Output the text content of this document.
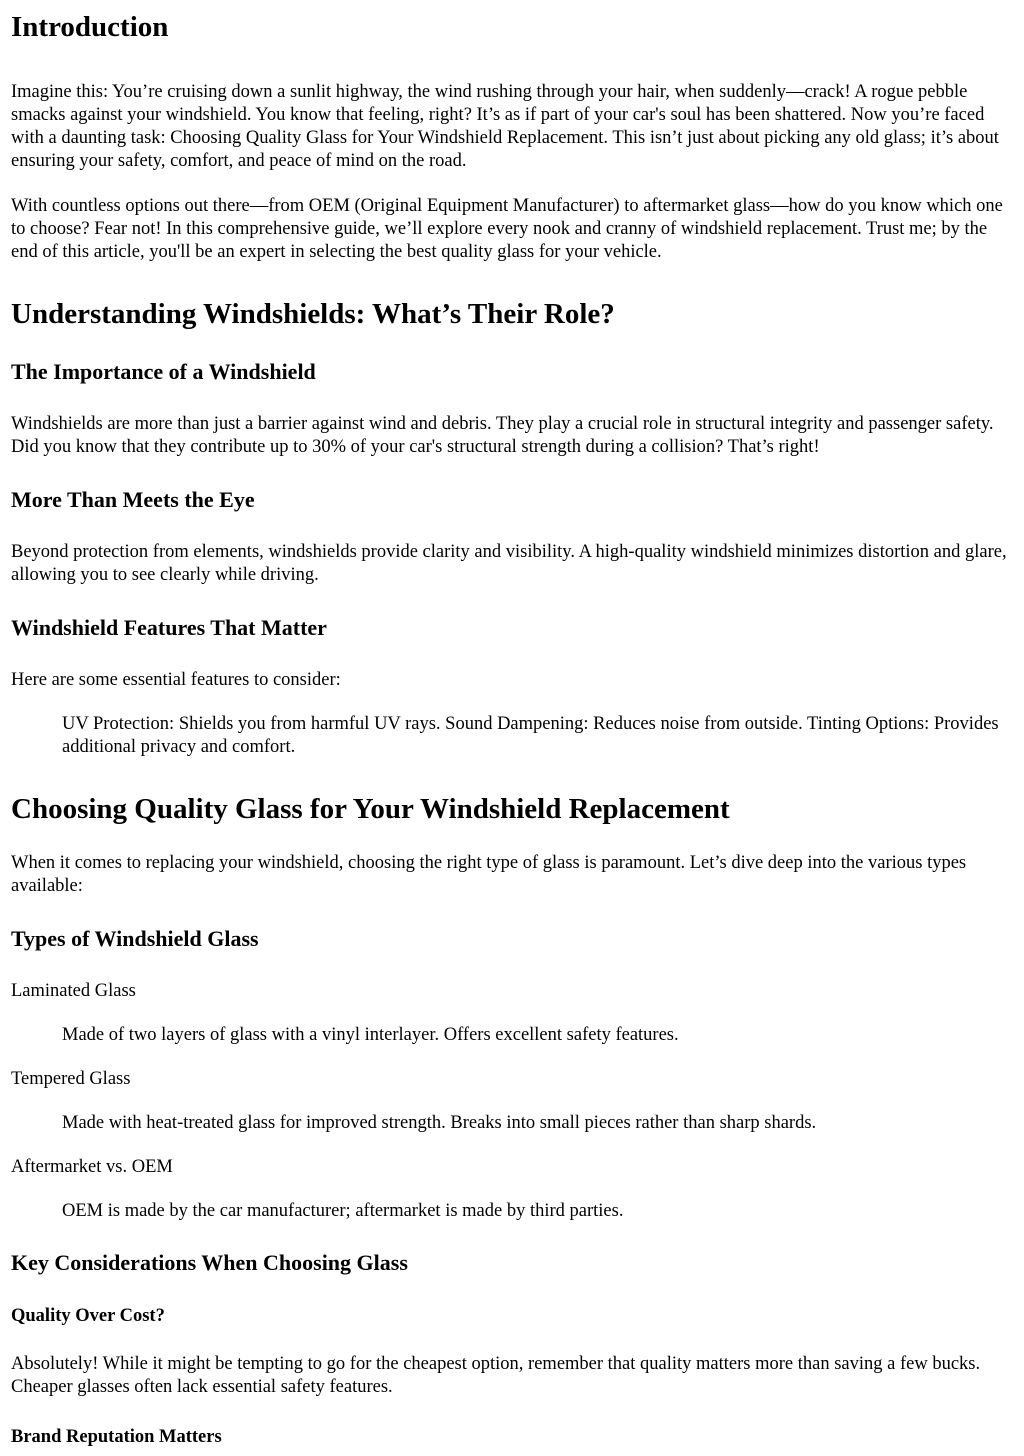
Introduction

Imagine this: You’re cruising down a sunlit highway, the wind rushing through your hair, when suddenly—crack! A rogue pebble smacks against your windshield. You know that feeling, right? It’s as if part of your car's soul has been shattered. Now you’re faced with a daunting task: Choosing Quality Glass for Your Windshield Replacement. This isn’t just about picking any old glass; it’s about ensuring your safety, comfort, and peace of mind on the road.

With countless options out there—from OEM (Original Equipment Manufacturer) to aftermarket glass—how do you know which one to choose? Fear not! In this comprehensive guide, we’ll explore every nook and cranny of windshield replacement. Trust me; by the end of this article, you'll be an expert in selecting the best quality glass for your vehicle.

Understanding Windshields: What’s Their Role?
The Importance of a Windshield

Windshields are more than just a barrier against wind and debris. They play a crucial role in structural integrity and passenger safety. Did you know that they contribute up to 30% of your car's structural strength during a collision? That’s right!

More Than Meets the Eye

Beyond protection from elements, windshields provide clarity and visibility. A high-quality windshield minimizes distortion and glare, allowing you to see clearly while driving.

Windshield Features That Matter

Here are some essential features to consider:

UV Protection: Shields you from harmful UV rays. Sound Dampening: Reduces noise from outside. Tinting Options: Provides additional privacy and comfort.

Choosing Quality Glass for Your Windshield Replacement

When it comes to replacing your windshield, choosing the right type of glass is paramount. Let’s dive deep into the various types available:

Types of Windshield Glass

Laminated Glass

Made of two layers of glass with a vinyl interlayer. Offers excellent safety features.

Tempered Glass

Made with heat-treated glass for improved strength. Breaks into small pieces rather than sharp shards.

Aftermarket vs. OEM

OEM is made by the car manufacturer; aftermarket is made by third parties.

Key Considerations When Choosing Glass
Quality Over Cost?

Absolutely! While it might be tempting to go for the cheapest option, remember that quality matters more than saving a few bucks. Cheaper glasses often lack essential safety features.

Brand Reputation Matters
